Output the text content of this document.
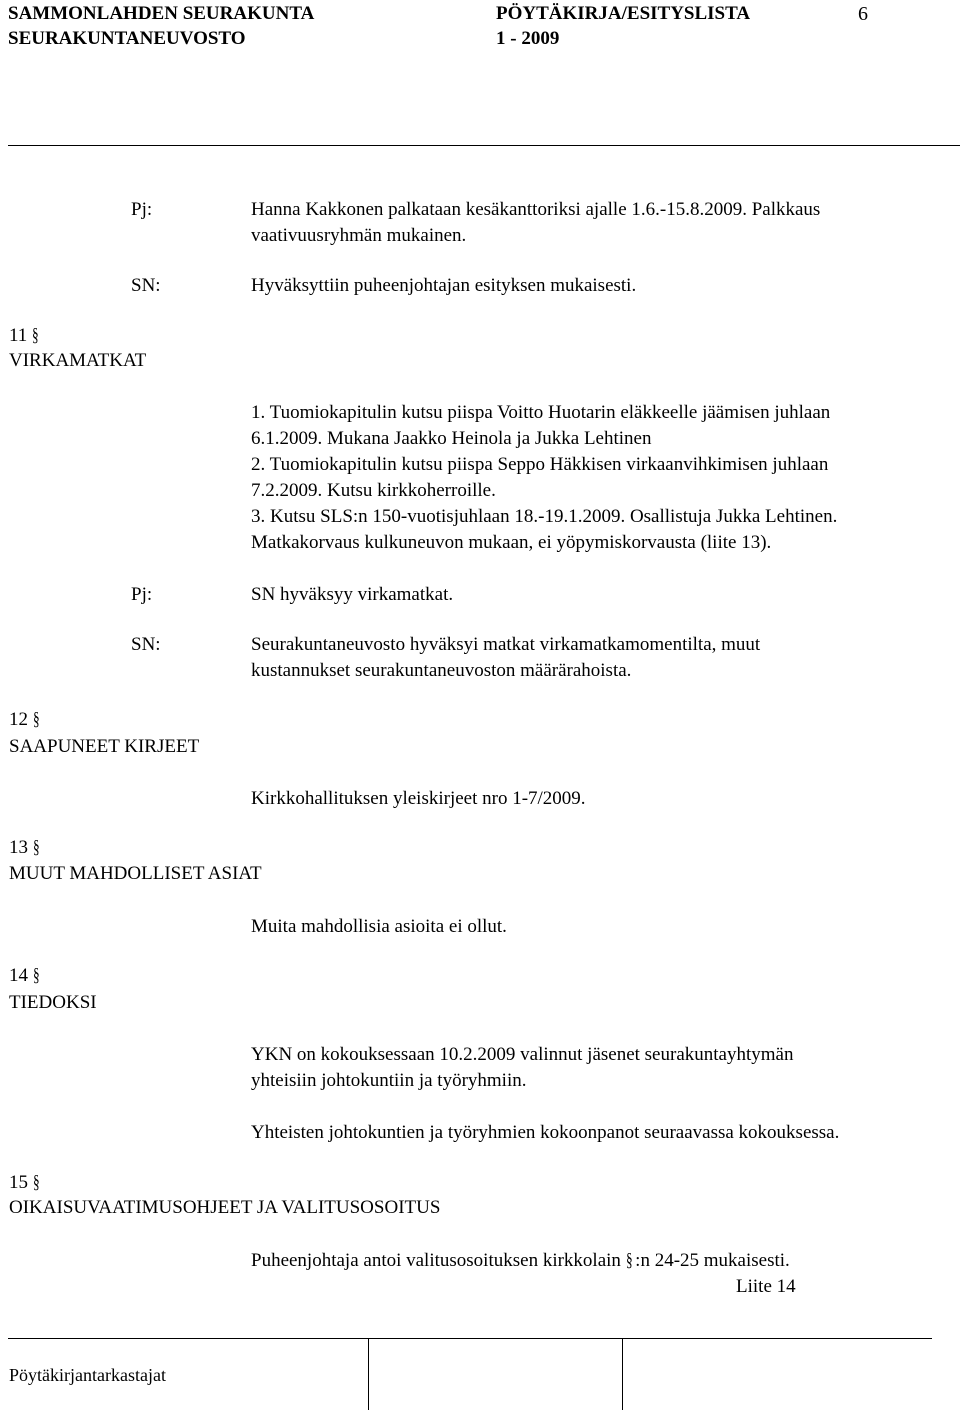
SAMMONLAHDEN SEURAKUNTA
SEURAKUNTANEUVOSTO
PÖYTÄKIRJA/ESITYSLISTA
1 - 2009
6
Pj:	Hanna Kakkonen palkataan kesäkanttoriksi ajalle 1.6.-15.8.2009. Palkkaus
vaativuusryhmän mukainen.
SN:	Hyväksyttiin puheenjohtajan esityksen mukaisesti.
11 §
VIRKAMATKAT
1. Tuomiokapitulin kutsu piispa Voitto Huotarin eläkkeelle jäämisen juhlaan
6.1.2009. Mukana Jaakko Heinola ja Jukka Lehtinen
2. Tuomiokapitulin kutsu piispa Seppo Häkkisen virkaanvihkimisen juhlaan
7.2.2009. Kutsu kirkkoherroille.
3. Kutsu SLS:n 150-vuotisjuhlaan 18.-19.1.2009. Osallistuja Jukka Lehtinen.
Matkakorvaus kulkuneuvon mukaan, ei yöpymiskorvausta (liite 13).
Pj:	SN hyväksyy virkamatkat.
SN:	Seurakuntaneuvosto hyväksyi matkat virkamatkamomentilta, muut
kustannukset seurakuntaneuvoston määrärahoista.
12 §
SAAPUNEET KIRJEET
Kirkkohallituksen yleiskirjeet nro 1-7/2009.
13 §
MUUT MAHDOLLISET ASIAT
Muita mahdollisia asioita ei ollut.
14 §
TIEDOKSI
YKN on kokouksessaan 10.2.2009 valinnut jäsenet seurakuntayhtymän
yhteisiin johtokuntiin ja työryhmiin.
Yhteisten johtokuntien ja työryhmien kokoonpanot seuraavassa kokouksessa.
15 §
OIKAISUVAATIMUSOHJEET JA VALITUSOSOITUS
Puheenjohtaja antoi valitusosoituksen kirkkolain § :n 24-25 mukaisesti.
Liite 14
Pöytäkirjantarkastajat
